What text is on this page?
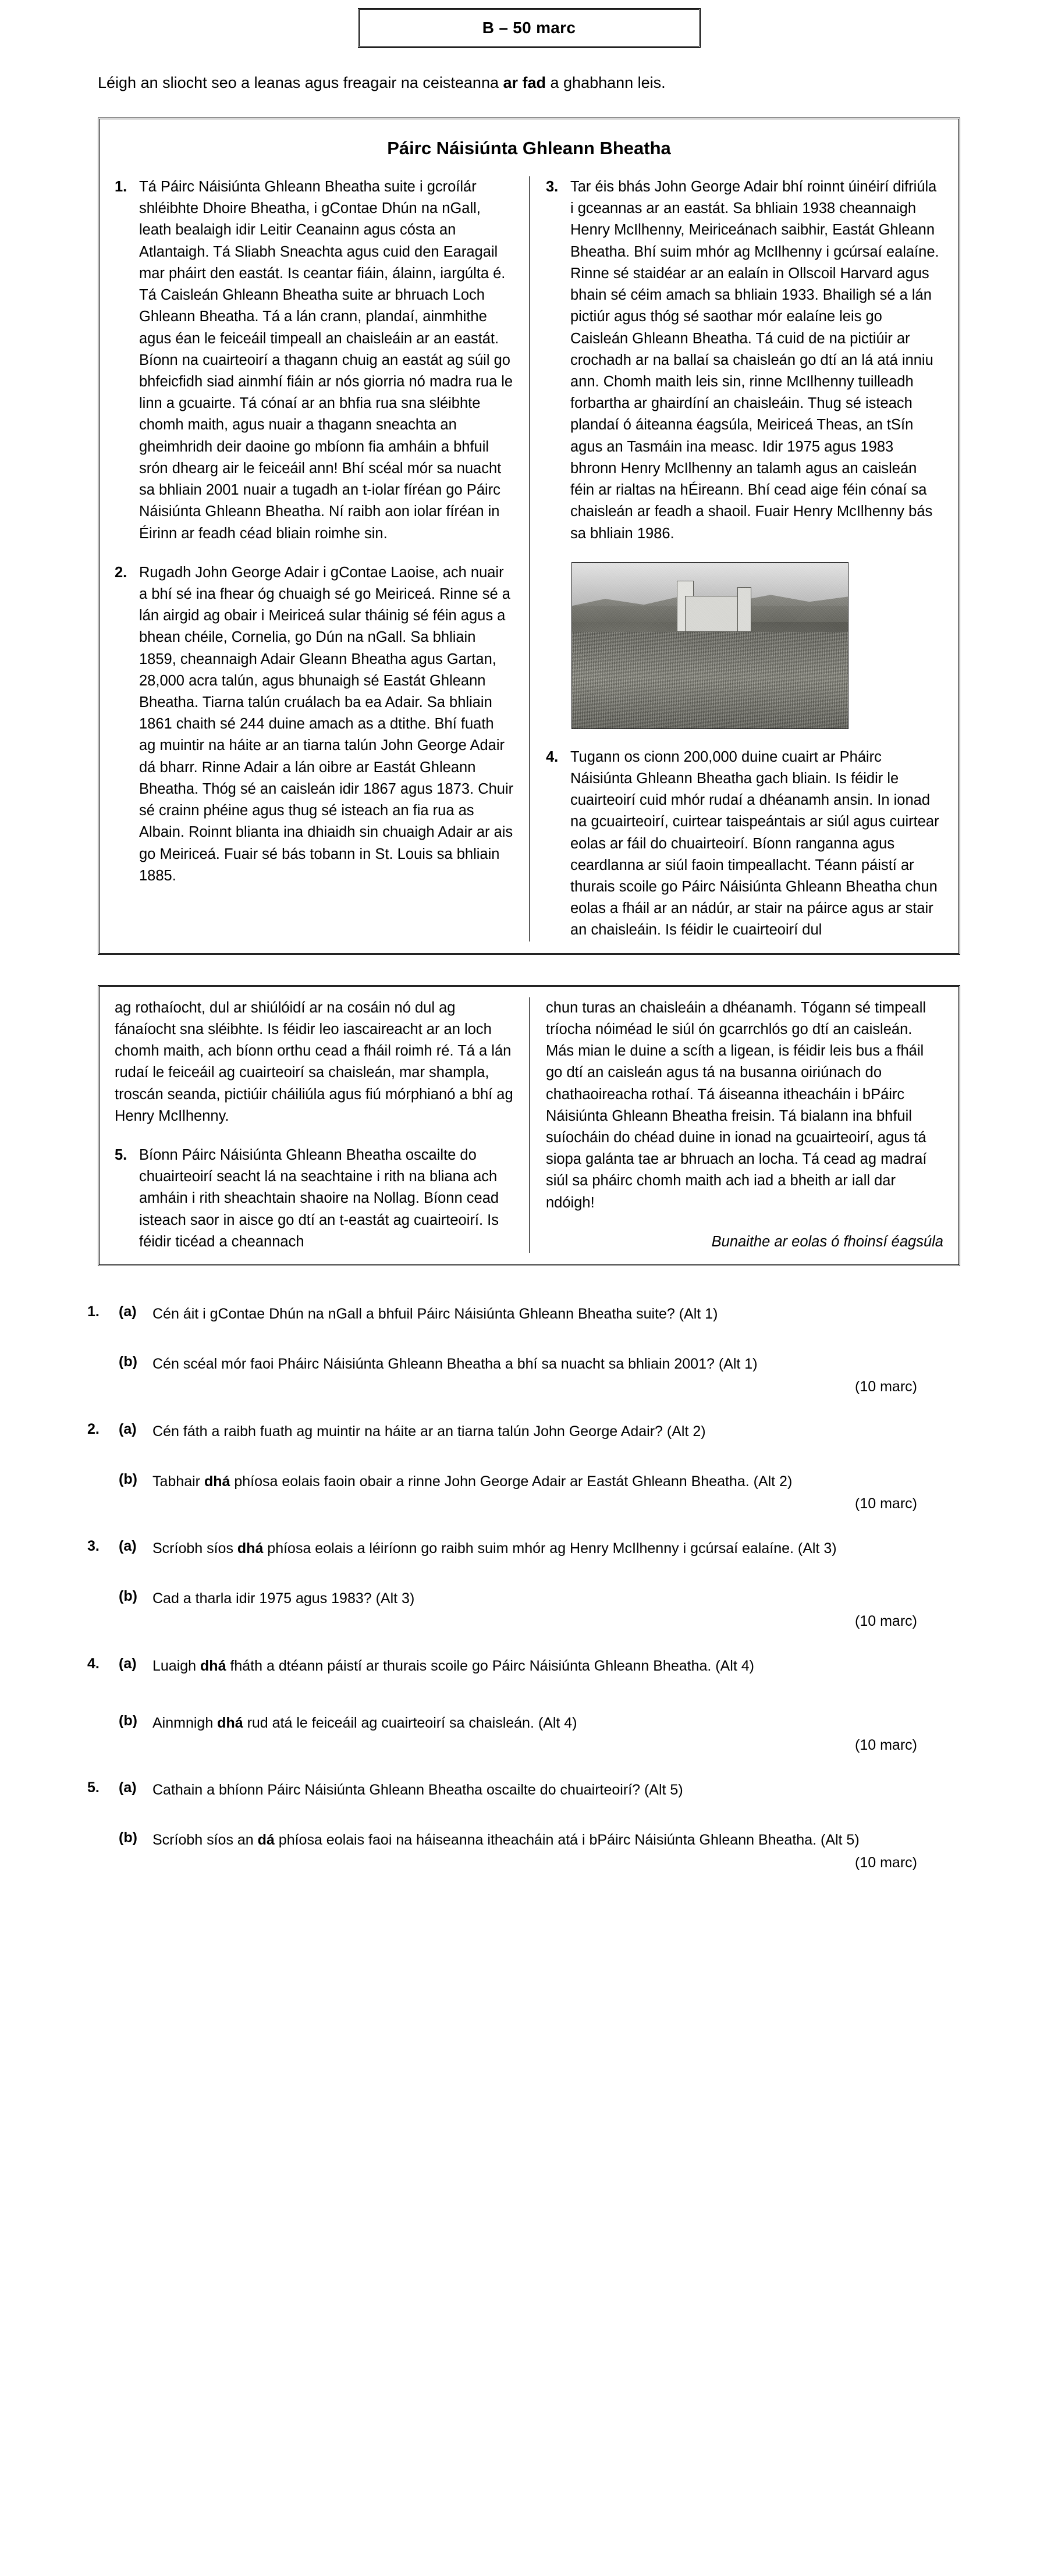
B – 50 marc
Léigh an sliocht seo a leanas agus freagair na ceisteanna ar fad a ghabhann leis.
Páirc Náisiúnta Ghleann Bheatha
1. Tá Páirc Náisiúnta Ghleann Bheatha suite i gcroílár shléibhte Dhoire Bheatha, i gContae Dhún na nGall, leath bealaigh idir Leitir Ceanainn agus cósta an Atlantaigh. Tá Sliabh Sneachta agus cuid den Earagail mar pháirt den eastát. Is ceantar fiáin, álainn, iargúlta é. Tá Caisleán Ghleann Bheatha suite ar bhruach Loch Ghleann Bheatha. Tá a lán crann, plandaí, ainmhithe agus éan le feiceáil timpeall an chaisleáin ar an eastát. Bíonn na cuairteoirí a thagann chuig an eastát ag súil go bhfeicfidh siad ainmhí fiáin ar nós giorria nó madra rua le linn a gcuairte. Tá cónaí ar an bhfia rua sna sléibhte chomh maith, agus nuair a thagann sneachta an gheimhridh deir daoine go mbíonn fia amháin a bhfuil srón dhearg air le feiceáil ann! Bhí scéal mór sa nuacht sa bhliain 2001 nuair a tugadh an t-iolar fíréan go Páirc Náisiúnta Ghleann Bheatha. Ní raibh aon iolar fíréan in Éirinn ar feadh céad bliain roimhe sin.
2. Rugadh John George Adair i gContae Laoise, ach nuair a bhí sé ina fhear óg chuaigh sé go Meiriceá. Rinne sé a lán airgid ag obair i Meiriceá sular tháinig sé féin agus a bhean chéile, Cornelia, go Dún na nGall. Sa bhliain 1859, cheannaigh Adair Gleann Bheatha agus Gartan, 28,000 acra talún, agus bhunaigh sé Eastát Ghleann Bheatha. Tiarna talún cruálach ba ea Adair. Sa bhliain 1861 chaith sé 244 duine amach as a dtithe. Bhí fuath ag muintir na háite ar an tiarna talún John George Adair dá bharr. Rinne Adair a lán oibre ar Eastát Ghleann Bheatha. Thóg sé an caisleán idir 1867 agus 1873. Chuir sé crainn phéine agus thug sé isteach an fia rua as Albain. Roinnt blianta ina dhiaidh sin chuaigh Adair ar ais go Meiriceá. Fuair sé bás tobann in St. Louis sa bhliain 1885.
3. Tar éis bhás John George Adair bhí roinnt úinéirí difriúla i gceannas ar an eastát. Sa bhliain 1938 cheannaigh Henry McIlhenny, Meiriceánach saibhir, Eastát Ghleann Bheatha. Bhí suim mhór ag McIlhenny i gcúrsaí ealaíne. Rinne sé staidéar ar an ealaín in Ollscoil Harvard agus bhain sé céim amach sa bhliain 1933. Bhailigh sé a lán pictiúr agus thóg sé saothar mór ealaíne leis go Caisleán Ghleann Bheatha. Tá cuid de na pictiúir ar crochadh ar na ballaí sa chaisleán go dtí an lá atá inniu ann. Chomh maith leis sin, rinne McIlhenny tuilleadh forbartha ar ghairdíní an chaisleáin. Thug sé isteach plandaí ó áiteanna éagsúla, Meiriceá Theas, an tSín agus an Tasmáin ina measc. Idir 1975 agus 1983 bhronn Henry McIlhenny an talamh agus an caisleán féin ar rialtas na hÉireann. Bhí cead aige féin cónaí sa chaisleán ar feadh a shaoil. Fuair Henry McIlhenny bás sa bhliain 1986.
4. Tugann os cionn 200,000 duine cuairt ar Pháirc Náisiúnta Ghleann Bheatha gach bliain. Is féidir le cuairteoirí cuid mhór rudaí a dhéanamh ansin. In ionad na gcuairteoirí, cuirtear taispeántais ar siúl agus cuirtear eolas ar fáil do chuairteoirí. Bíonn ranganna agus ceardlanna ar siúl faoin timpeallacht. Téann páistí ar thurais scoile go Páirc Náisiúnta Ghleann Bheatha chun eolas a fháil ar an nádúr, ar stair na páirce agus ar stair an chaisleáin. Is féidir le cuairteoirí dul
ag rothaíocht, dul ar shiúlóidí ar na cosáin nó dul ag fánaíocht sna sléibhte. Is féidir leo iascaireacht ar an loch chomh maith, ach bíonn orthu cead a fháil roimh ré. Tá a lán rudaí le feiceáil ag cuairteoirí sa chaisleán, mar shampla, troscán seanda, pictiúir cháiliúla agus fiú mórphianó a bhí ag Henry McIlhenny.
5. Bíonn Páirc Náisiúnta Ghleann Bheatha oscailte do chuairteoirí seacht lá na seachtaine i rith na bliana ach amháin i rith sheachtain shaoire na Nollag. Bíonn cead isteach saor in aisce go dtí an t-eastát ag cuairteoirí. Is féidir ticéad a cheannach
chun turas an chaisleáin a dhéanamh. Tógann sé timpeall tríocha nóiméad le siúl ón gcarrchlós go dtí an caisleán. Más mian le duine a scíth a ligean, is féidir leis bus a fháil go dtí an caisleán agus tá na busanna oiriúnach do chathaoireacha rothaí. Tá áiseanna itheacháin i bPáirc Náisiúnta Ghleann Bheatha freisin. Tá bialann ina bhfuil suíocháin do chéad duine in ionad na gcuairteoirí, agus tá siopa galánta tae ar bhruach an locha. Tá cead ag madraí siúl sa pháirc chomh maith ach iad a bheith ar iall dar ndóigh!
Bunaithe ar eolas ó fhoinsí éagsúla
1.	(a)	Cén áit i gContae Dhún na nGall a bhfuil Páirc Náisiúnta Ghleann Bheatha suite? (Alt 1)
(b)	Cén scéal mór faoi Pháirc Náisiúnta Ghleann Bheatha a bhí sa nuacht sa bhliain 2001? (Alt 1)
(10 marc)
2.	(a)	Cén fáth a raibh fuath ag muintir na háite ar an tiarna talún John George Adair? (Alt 2)
(b)	Tabhair dhá phíosa eolais faoin obair a rinne John George Adair ar Eastát Ghleann Bheatha. (Alt 2)
(10 marc)
3.	(a)	Scríobh síos dhá phíosa eolais a léiríonn go raibh suim mhór ag Henry McIlhenny i gcúrsaí ealaíne. (Alt 3)
(b)	Cad a tharla idir 1975 agus 1983? (Alt 3)
(10 marc)
4.	(a)	Luaigh dhá fháth a dtéann páistí ar thurais scoile go Páirc Náisiúnta Ghleann Bheatha. (Alt 4)
(b)	Ainmnigh dhá rud atá le feiceáil ag cuairteoirí sa chaisleán. (Alt 4)
(10 marc)
5.	(a)	Cathain a bhíonn Páirc Náisiúnta Ghleann Bheatha oscailte do chuairteoirí? (Alt 5)
(b)	Scríobh síos an dá phíosa eolais faoi na háiseanna itheacháin atá i bPáirc Náisiúnta Ghleann Bheatha. (Alt 5)
(10 marc)
